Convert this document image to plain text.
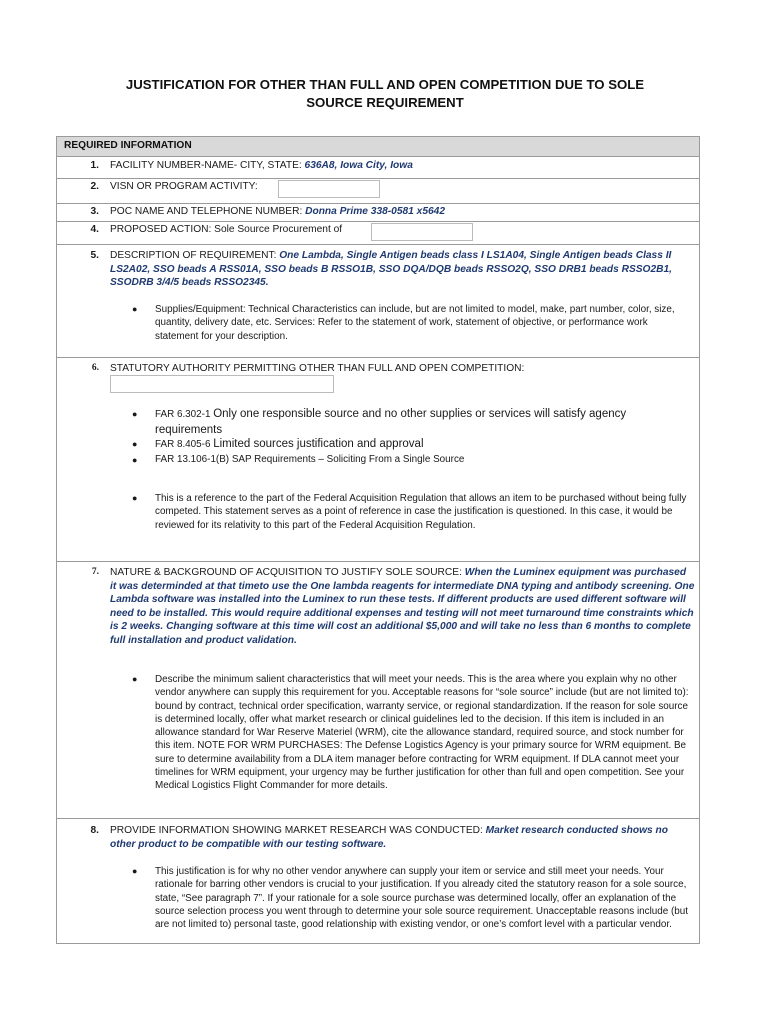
JUSTIFICATION FOR OTHER THAN FULL AND OPEN COMPETITION DUE TO SOLE
SOURCE REQUIREMENT
REQUIRED INFORMATION
1. FACILITY NUMBER-NAME- CITY, STATE: 636A8, Iowa City, Iowa
2. VISN OR PROGRAM ACTIVITY:
3. POC NAME AND TELEPHONE NUMBER: Donna Prime 338-0581 x5642
4. PROPOSED ACTION: Sole Source Procurement of
5. DESCRIPTION OF REQUIREMENT: One Lambda, Single Antigen beads class I LS1A04, Single Antigen beads Class II LS2A02, SSO beads A RSS01A, SSO beads B RSSO1B, SSO DQA/DQB beads RSSO2Q, SSO DRB1 beads RSSO2B1, SSODRB 3/4/5 beads RSSO2345.
● Supplies/Equipment: Technical Characteristics can include, but are not limited to model, make, part number, color, size, quantity, delivery date, etc. Services: Refer to the statement of work, statement of objective, or performance work statement for your description.
6. STATUTORY AUTHORITY PERMITTING OTHER THAN FULL AND OPEN COMPETITION:
● FAR 6.302-1 Only one responsible source and no other supplies or services will satisfy agency requirements
● FAR 8.405-6 Limited sources justification and approval
● FAR 13.106-1(B) SAP Requirements – Soliciting From a Single Source
● This is a reference to the part of the Federal Acquisition Regulation that allows an item to be purchased without being fully competed. This statement serves as a point of reference in case the justification is questioned. In this case, it would be reviewed for its relativity to this part of the Federal Acquisition Regulation.
7. NATURE & BACKGROUND OF ACQUISITION TO JUSTIFY SOLE SOURCE: When the Luminex equipment was purchased it was determinded at that timeto use the One lambda reagents for intermediate DNA typing and antibody screening. One Lambda software was installed into the Luminex to run these tests. If different products are used different software will need to be installed. This would require additional expenses and testing will not meet turnaround time constraints which is 2 weeks. Changing software at this time will cost an additional $5,000 and will take no less than 6 months to complete full installation and product validation.
● Describe the minimum salient characteristics that will meet your needs. This is the area where you explain why no other vendor anywhere can supply this requirement for you. Acceptable reasons for “sole source” include (but are not limited to): bound by contract, technical order specification, warranty service, or regional standardization. If the reason for sole source is determined locally, offer what market research or clinical guidelines led to the decision. If this item is included in an allowance standard for War Reserve Materiel (WRM), cite the allowance standard, required source, and stock number for this item. NOTE FOR WRM PURCHASES: The Defense Logistics Agency is your primary source for WRM equipment. Be sure to determine availability from a DLA item manager before contracting for WRM equipment. If DLA cannot meet your timelines for WRM equipment, your urgency may be further justification for other than full and open competition. See your Medical Logistics Flight Commander for more details.
8. PROVIDE INFORMATION SHOWING MARKET RESEARCH WAS CONDUCTED: Market research conducted shows no other product to be compatible with our testing software.
● This justification is for why no other vendor anywhere can supply your item or service and still meet your needs. Your rationale for barring other vendors is crucial to your justification. If you already cited the statutory reason for a sole source, state, “See paragraph 7”. If your rationale for a sole source purchase was determined locally, offer an explanation of the source selection process you went through to determine your sole source requirement. Unacceptable reasons include (but are not limited to) personal taste, good relationship with existing vendor, or one’s comfort level with a particular vendor.
